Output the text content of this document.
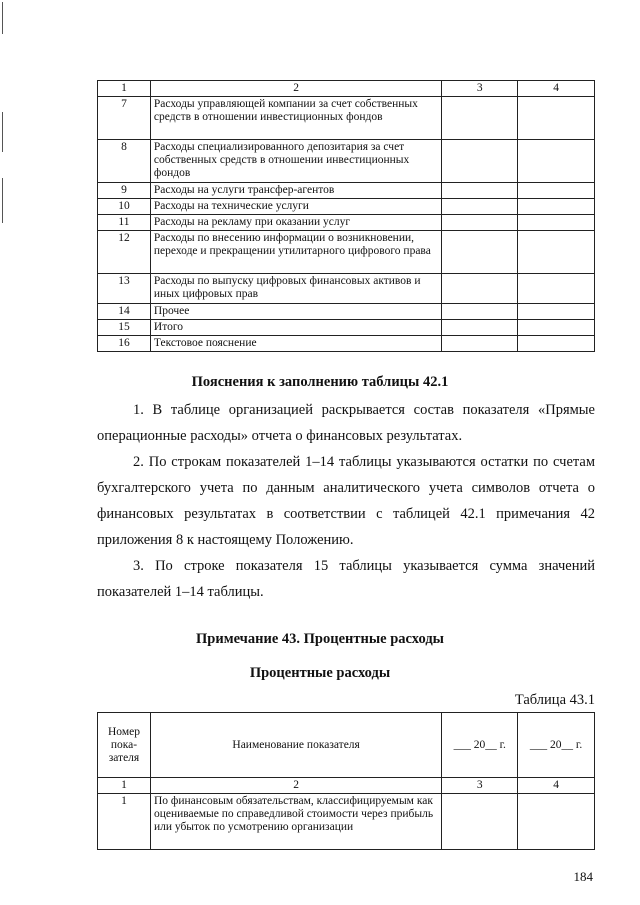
1	2	3	4
7	Расходы управляющей компании за счет собственных средств в отношении инвестиционных фондов		
8	Расходы специализированного депозитария за счет собственных средств в отношении инвестиционных фондов		
9	Расходы на услуги трансфер-агентов		
10	Расходы на технические услуги		
11	Расходы на рекламу при оказании услуг		
12	Расходы по внесению информации о возникновении, переходе и прекращении утилитарного цифрового права		
13	Расходы по выпуску цифровых финансовых активов и иных цифровых прав		
14	Прочее		
15	Итого		
16	Текстовое пояснение		
Пояснения к заполнению таблицы 42.1
1. В таблице организацией раскрывается состав показателя «Прямые операционные расходы» отчета о финансовых результатах.
2. По строкам показателей 1–14 таблицы указываются остатки по счетам бухгалтерского учета по данным аналитического учета символов отчета о финансовых результатах в соответствии с таблицей 42.1 примечания 42 приложения 8 к настоящему Положению.
3. По строке показателя 15 таблицы указывается сумма значений показателей 1–14 таблицы.
Примечание 43. Процентные расходы
Процентные расходы
Таблица 43.1
Номер пока-зателя	Наименование показателя	___ 20__ г.	___ 20__ г.
1	2	3	4
1	По финансовым обязательствам, классифицируемым как оцениваемые по справедливой стоимости через прибыль или убыток по усмотрению организации		
184
